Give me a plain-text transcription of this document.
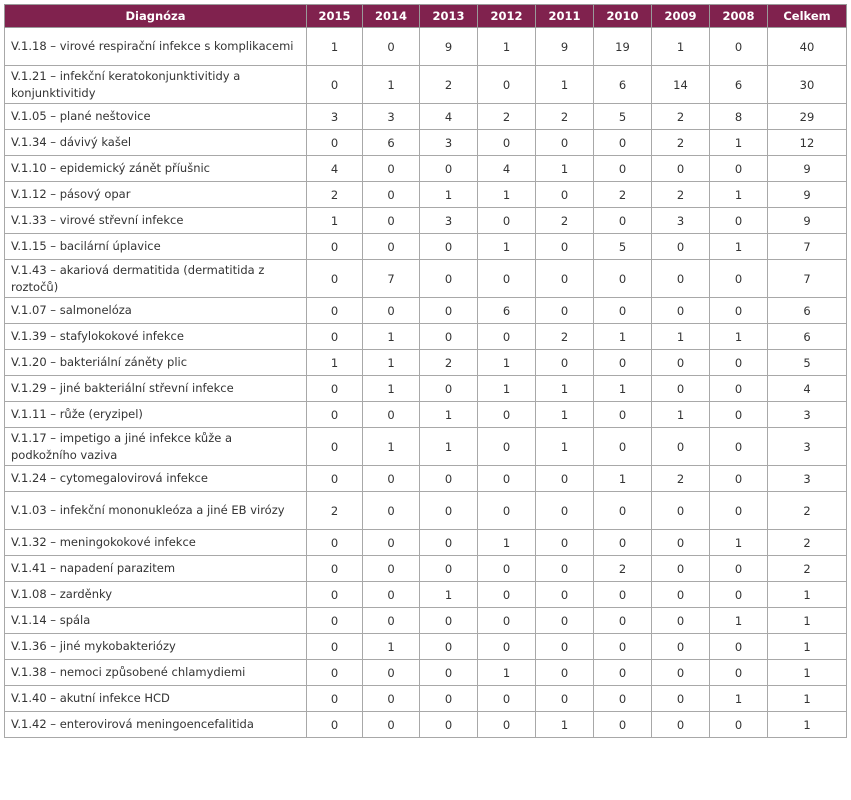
Diagnóza	2015	2014	2013	2012	2011	2010	2009	2008	Celkem
V.1.18 – virové respirační infekce s komplikacemi	1	0	9	1	9	19	1	0	40
V.1.21 – infekční keratokonjunktivitidy a konjunktivitidy	0	1	2	0	1	6	14	6	30
V.1.05 – plané neštovice	3	3	4	2	2	5	2	8	29
V.1.34 – dávivý kašel	0	6	3	0	0	0	2	1	12
V.1.10 – epidemický zánět příušnic	4	0	0	4	1	0	0	0	9
V.1.12 – pásový opar	2	0	1	1	0	2	2	1	9
V.1.33 – virové střevní infekce	1	0	3	0	2	0	3	0	9
V.1.15 – bacilární úplavice	0	0	0	1	0	5	0	1	7
V.1.43 – akariová dermatitida (dermatitida z roztočů)	0	7	0	0	0	0	0	0	7
V.1.07 – salmonelóza	0	0	0	6	0	0	0	0	6
V.1.39 – stafylokokové infekce	0	1	0	0	2	1	1	1	6
V.1.20 – bakteriální záněty plic	1	1	2	1	0	0	0	0	5
V.1.29 – jiné bakteriální střevní infekce	0	1	0	1	1	1	0	0	4
V.1.11 – růže (eryzipel)	0	0	1	0	1	0	1	0	3
V.1.17 – impetigo a jiné infekce kůže a podkožního vaziva	0	1	1	0	1	0	0	0	3
V.1.24 – cytomegalovirová infekce	0	0	0	0	0	1	2	0	3
V.1.03 – infekční mononukleóza a jiné EB virózy	2	0	0	0	0	0	0	0	2
V.1.32 – meningokokové infekce	0	0	0	1	0	0	0	1	2
V.1.41 – napadení parazitem	0	0	0	0	0	2	0	0	2
V.1.08 – zarděnky	0	0	1	0	0	0	0	0	1
V.1.14 – spála	0	0	0	0	0	0	0	1	1
V.1.36 – jiné mykobakteriózy	0	1	0	0	0	0	0	0	1
V.1.38 – nemoci způsobené chlamydiemi	0	0	0	1	0	0	0	0	1
V.1.40 – akutní infekce HCD	0	0	0	0	0	0	0	1	1
V.1.42 – enterovirová meningoencefalitida	0	0	0	0	1	0	0	0	1
